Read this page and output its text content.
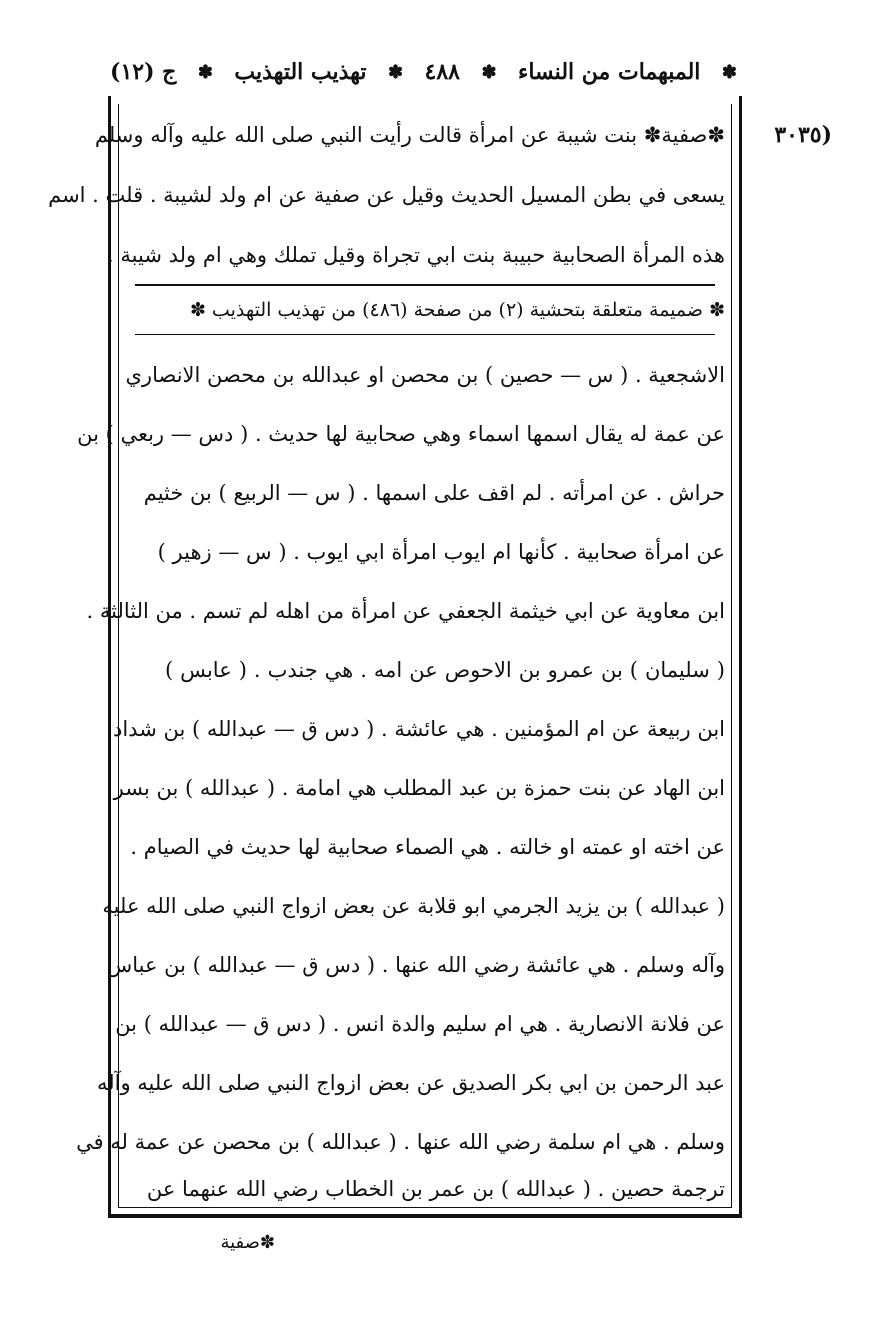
ج (١٢) ✽ تهذيب التهذيب ✽ ٤٨٨ ✽ المبهمات من النساء ✽
(٣٠٣٥
✽صفية✽ بنت شيبة عن امرأة قالت رأيت النبي صلى الله عليه وآله وسلم
يسعى في بطن المسيل الحديث وقيل عن صفية عن ام ولد لشيبة . قلت . اسم
هذه المرأة الصحابية حبيبة بنت ابي تجراة وقيل تملك وهي ام ولد شيبة .
✽ ضميمة متعلقة بتحشية (٢) من صفحة (٤٨٦) من تهذيب التهذيب ✽
الاشجعية . ( س — حصين ) بن محصن او عبدالله بن محصن الانصاري
عن عمة له يقال اسمها اسماء وهي صحابية لها حديث . ( دس — ربعي ) بن
حراش . عن امرأته . لم اقف على اسمها . ( س — الربيع ) بن خثيم
عن امرأة صحابية . كأنها ام ايوب امرأة ابي ايوب . ( س — زهير )
ابن معاوية عن ابي خيثمة الجعفي عن امرأة من اهله لم تسم . من الثالثة .
( سليمان ) بن عمرو بن الاحوص عن امه . هي جندب . ( عابس )
ابن ربيعة عن ام المؤمنين . هي عائشة . ( دس ق — عبدالله ) بن شداد
ابن الهاد عن بنت حمزة بن عبد المطلب هي امامة . ( عبدالله ) بن بسر
عن اخته او عمته او خالته . هي الصماء صحابية لها حديث في الصيام .
( عبدالله ) بن يزيد الجرمي ابو قلابة عن بعض ازواج النبي صلى الله عليه
وآله وسلم . هي عائشة رضي الله عنها . ( دس ق — عبدالله ) بن عباس
عن فلانة الانصارية . هي ام سليم والدة انس . ( دس ق — عبدالله ) بن
عبد الرحمن بن ابي بكر الصديق عن بعض ازواج النبي صلى الله عليه وآله
وسلم . هي ام سلمة رضي الله عنها . ( عبدالله ) بن محصن عن عمة له في
ترجمة حصين . ( عبدالله ) بن عمر بن الخطاب رضي الله عنهما عن
✽صفية
